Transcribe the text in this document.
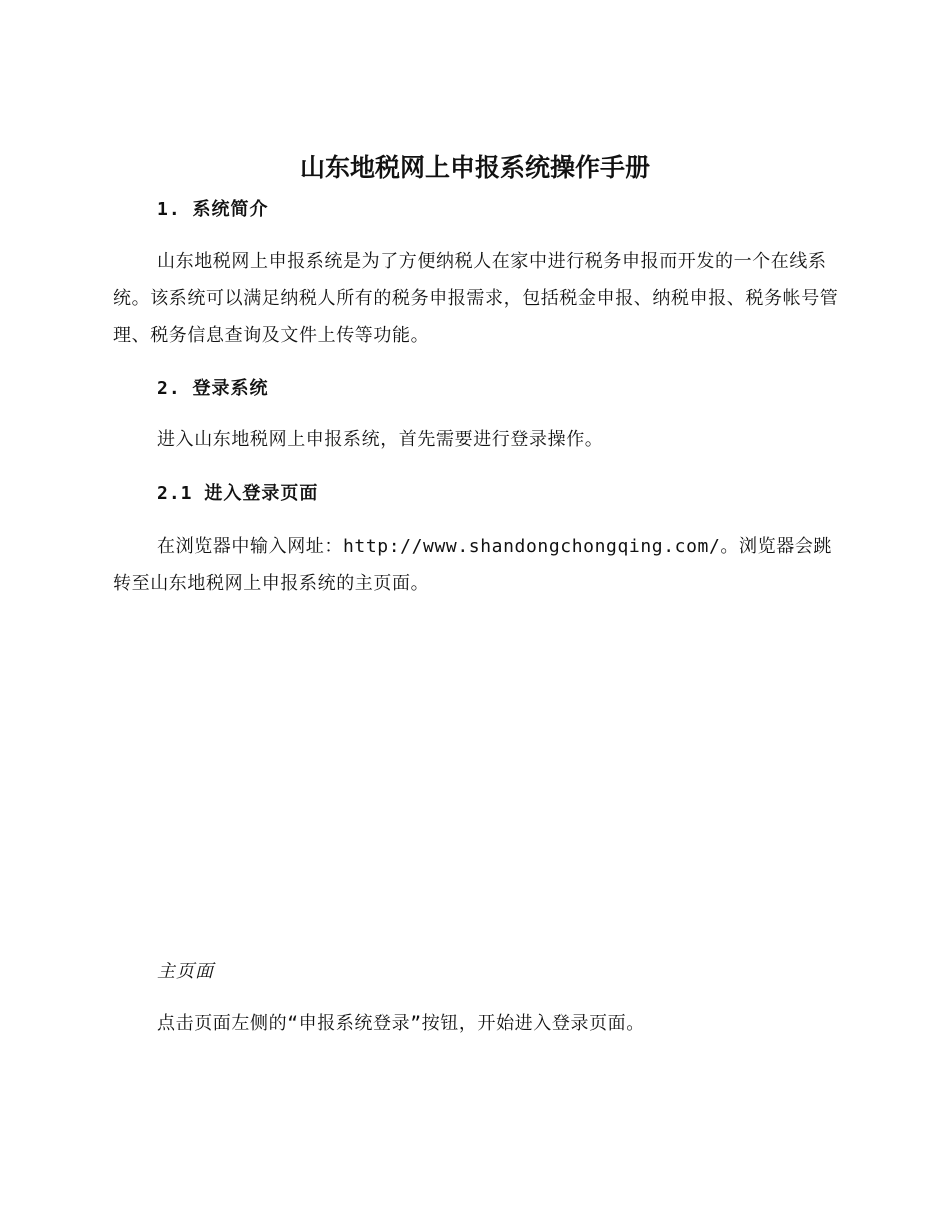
山东地税网上申报系统操作手册
1. 系统简介
山东地税网上申报系统是为了方便纳税人在家中进行税务申报而开发的一个在线系统。该系统可以满足纳税人所有的税务申报需求，包括税金申报、纳税申报、税务帐号管理、税务信息查询及文件上传等功能。
2. 登录系统
进入山东地税网上申报系统，首先需要进行登录操作。
2.1 进入登录页面
在浏览器中输入网址：http://www.shandongchongqing.com/。浏览器会跳转至山东地税网上申报系统的主页面。
主页面
点击页面左侧的“申报系统登录”按钮，开始进入登录页面。
